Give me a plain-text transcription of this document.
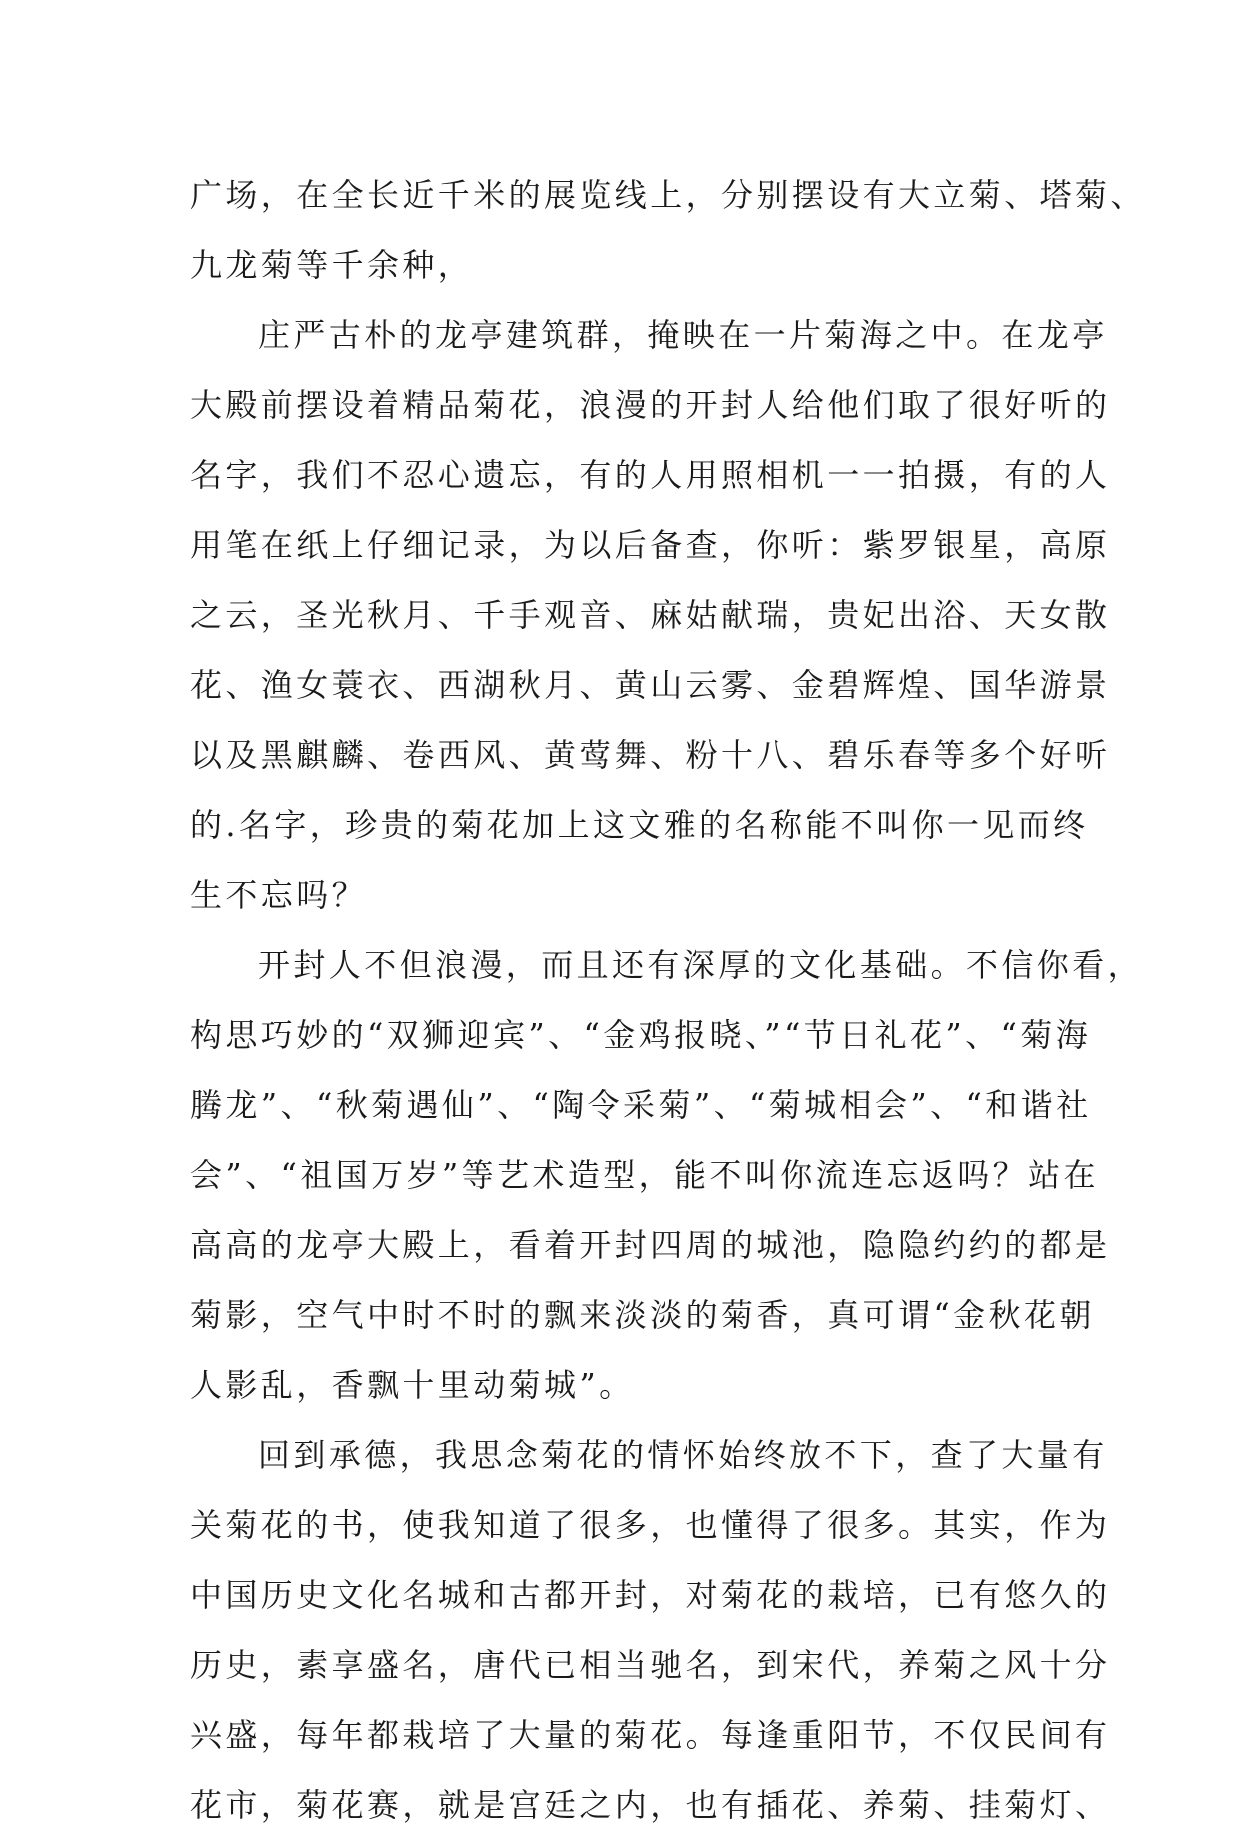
广场，在全长近千米的展览线上，分别摆设有大立菊、塔菊、
九龙菊等千余种，
庄严古朴的龙亭建筑群，掩映在一片菊海之中。在龙亭
大殿前摆设着精品菊花，浪漫的开封人给他们取了很好听的
名字，我们不忍心遗忘，有的人用照相机一一拍摄，有的人
用笔在纸上仔细记录，为以后备查，你听：紫罗银星，高原
之云，圣光秋月、千手观音、麻姑献瑞，贵妃出浴、天女散
花、渔女蓑衣、西湖秋月、黄山云雾、金碧辉煌、国华游景
以及黑麒麟、卷西风、黄莺舞、粉十八、碧乐春等多个好听
的.名字，珍贵的菊花加上这文雅的名称能不叫你一见而终
生不忘吗？
开封人不但浪漫，而且还有深厚的文化基础。不信你看，
构思巧妙的“双狮迎宾”、“金鸡报晓、”“节日礼花”、“菊海
腾龙”、“秋菊遇仙”、“陶令采菊”、“菊城相会”、“和谐社
会”、“祖国万岁”等艺术造型，能不叫你流连忘返吗？站在
高高的龙亭大殿上，看着开封四周的城池，隐隐约约的都是
菊影，空气中时不时的飘来淡淡的菊香，真可谓“金秋花朝
人影乱，香飘十里动菊城”。
回到承德，我思念菊花的情怀始终放不下，查了大量有
关菊花的书，使我知道了很多，也懂得了很多。其实，作为
中国历史文化名城和古都开封，对菊花的栽培，已有悠久的
历史，素享盛名，唐代已相当驰名，到宋代，养菊之风十分
兴盛，每年都栽培了大量的菊花。每逢重阳节，不仅民间有
花市，菊花赛，就是宫廷之内，也有插花、养菊、挂菊灯、
